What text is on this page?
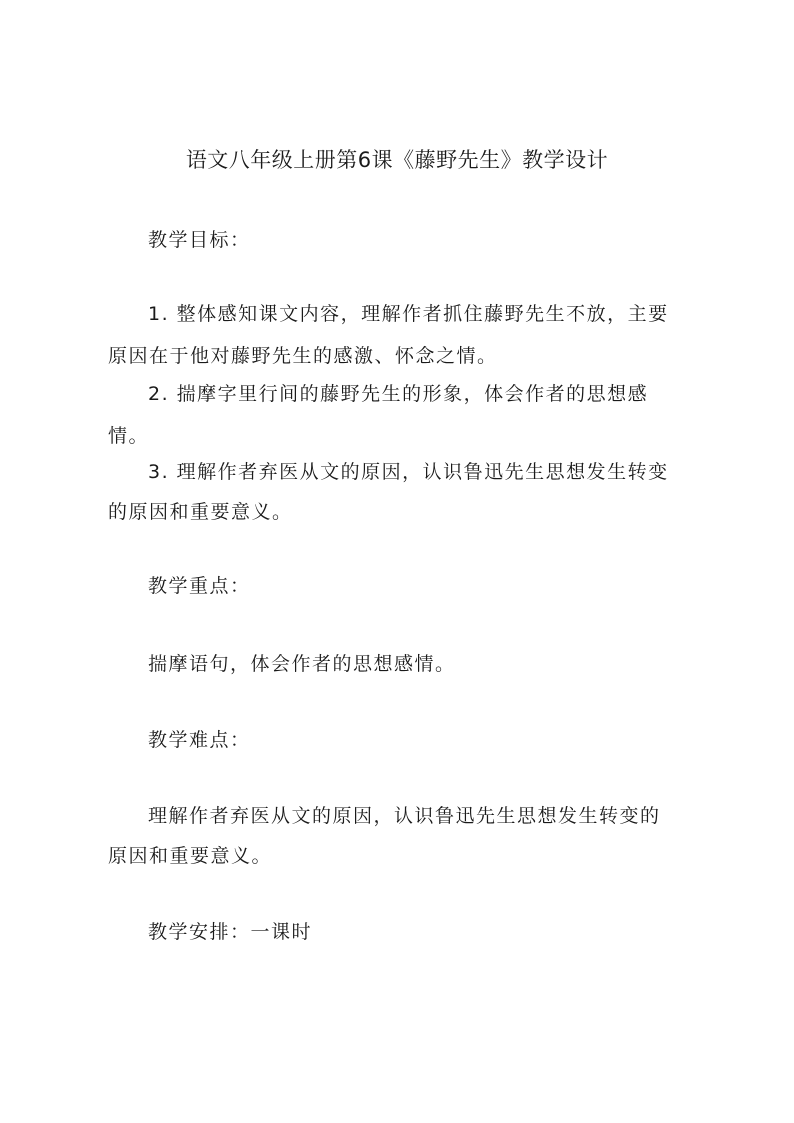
语文八年级上册第6课《藤野先生》教学设计
教学目标：
1. 整体感知课文内容，理解作者抓住藤野先生不放，主要
原因在于他对藤野先生的感激、怀念之情。
2. 揣摩字里行间的藤野先生的形象，体会作者的思想感
情。
3. 理解作者弃医从文的原因，认识鲁迅先生思想发生转变
的原因和重要意义。
教学重点：
揣摩语句，体会作者的思想感情。
教学难点：
理解作者弃医从文的原因，认识鲁迅先生思想发生转变的
原因和重要意义。
教学安排：一课时
